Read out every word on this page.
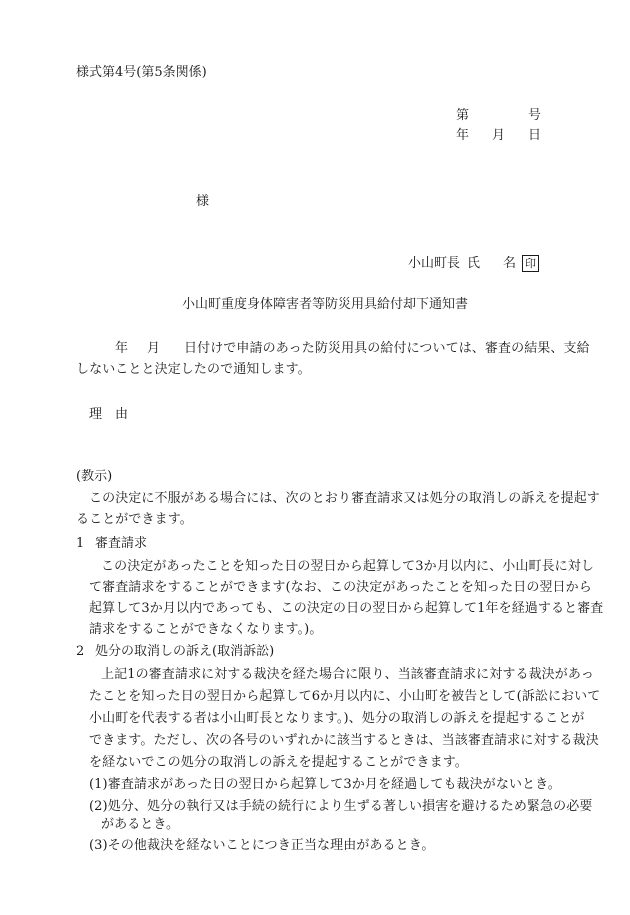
様式第4号(第5条関係)
第	号
年 月 日
様
小山町長 氏 名 印
小山町重度身体障害者等防災用具給付却下通知書
年 月 日付けで申請のあった防災用具の給付については、審査の結果、支給
しないことと決定したので通知します。
理　由
(教示)
この決定に不服がある場合には、次のとおり審査請求又は処分の取消しの訴えを提起す
ることができます。
1 審査請求
この決定があったことを知った日の翌日から起算して3か月以内に、小山町長に対し
て審査請求をすることができます(なお、この決定があったことを知った日の翌日から
起算して3か月以内であっても、この決定の日の翌日から起算して1年を経過すると審査
請求をすることができなくなります。)。
2 処分の取消しの訴え(取消訴訟)
上記1の審査請求に対する裁決を経た場合に限り、当該審査請求に対する裁決があっ
たことを知った日の翌日から起算して6か月以内に、小山町を被告として(訴訟において
小山町を代表する者は小山町長となります。)、処分の取消しの訴えを提起することが
できます。ただし、次の各号のいずれかに該当するときは、当該審査請求に対する裁決
を経ないでこの処分の取消しの訴えを提起することができます。
(1)審査請求があった日の翌日から起算して3か月を経過しても裁決がないとき。
(2)処分、処分の執行又は手続の続行により生ずる著しい損害を避けるため緊急の必要
があるとき。
(3)その他裁決を経ないことにつき正当な理由があるとき。
